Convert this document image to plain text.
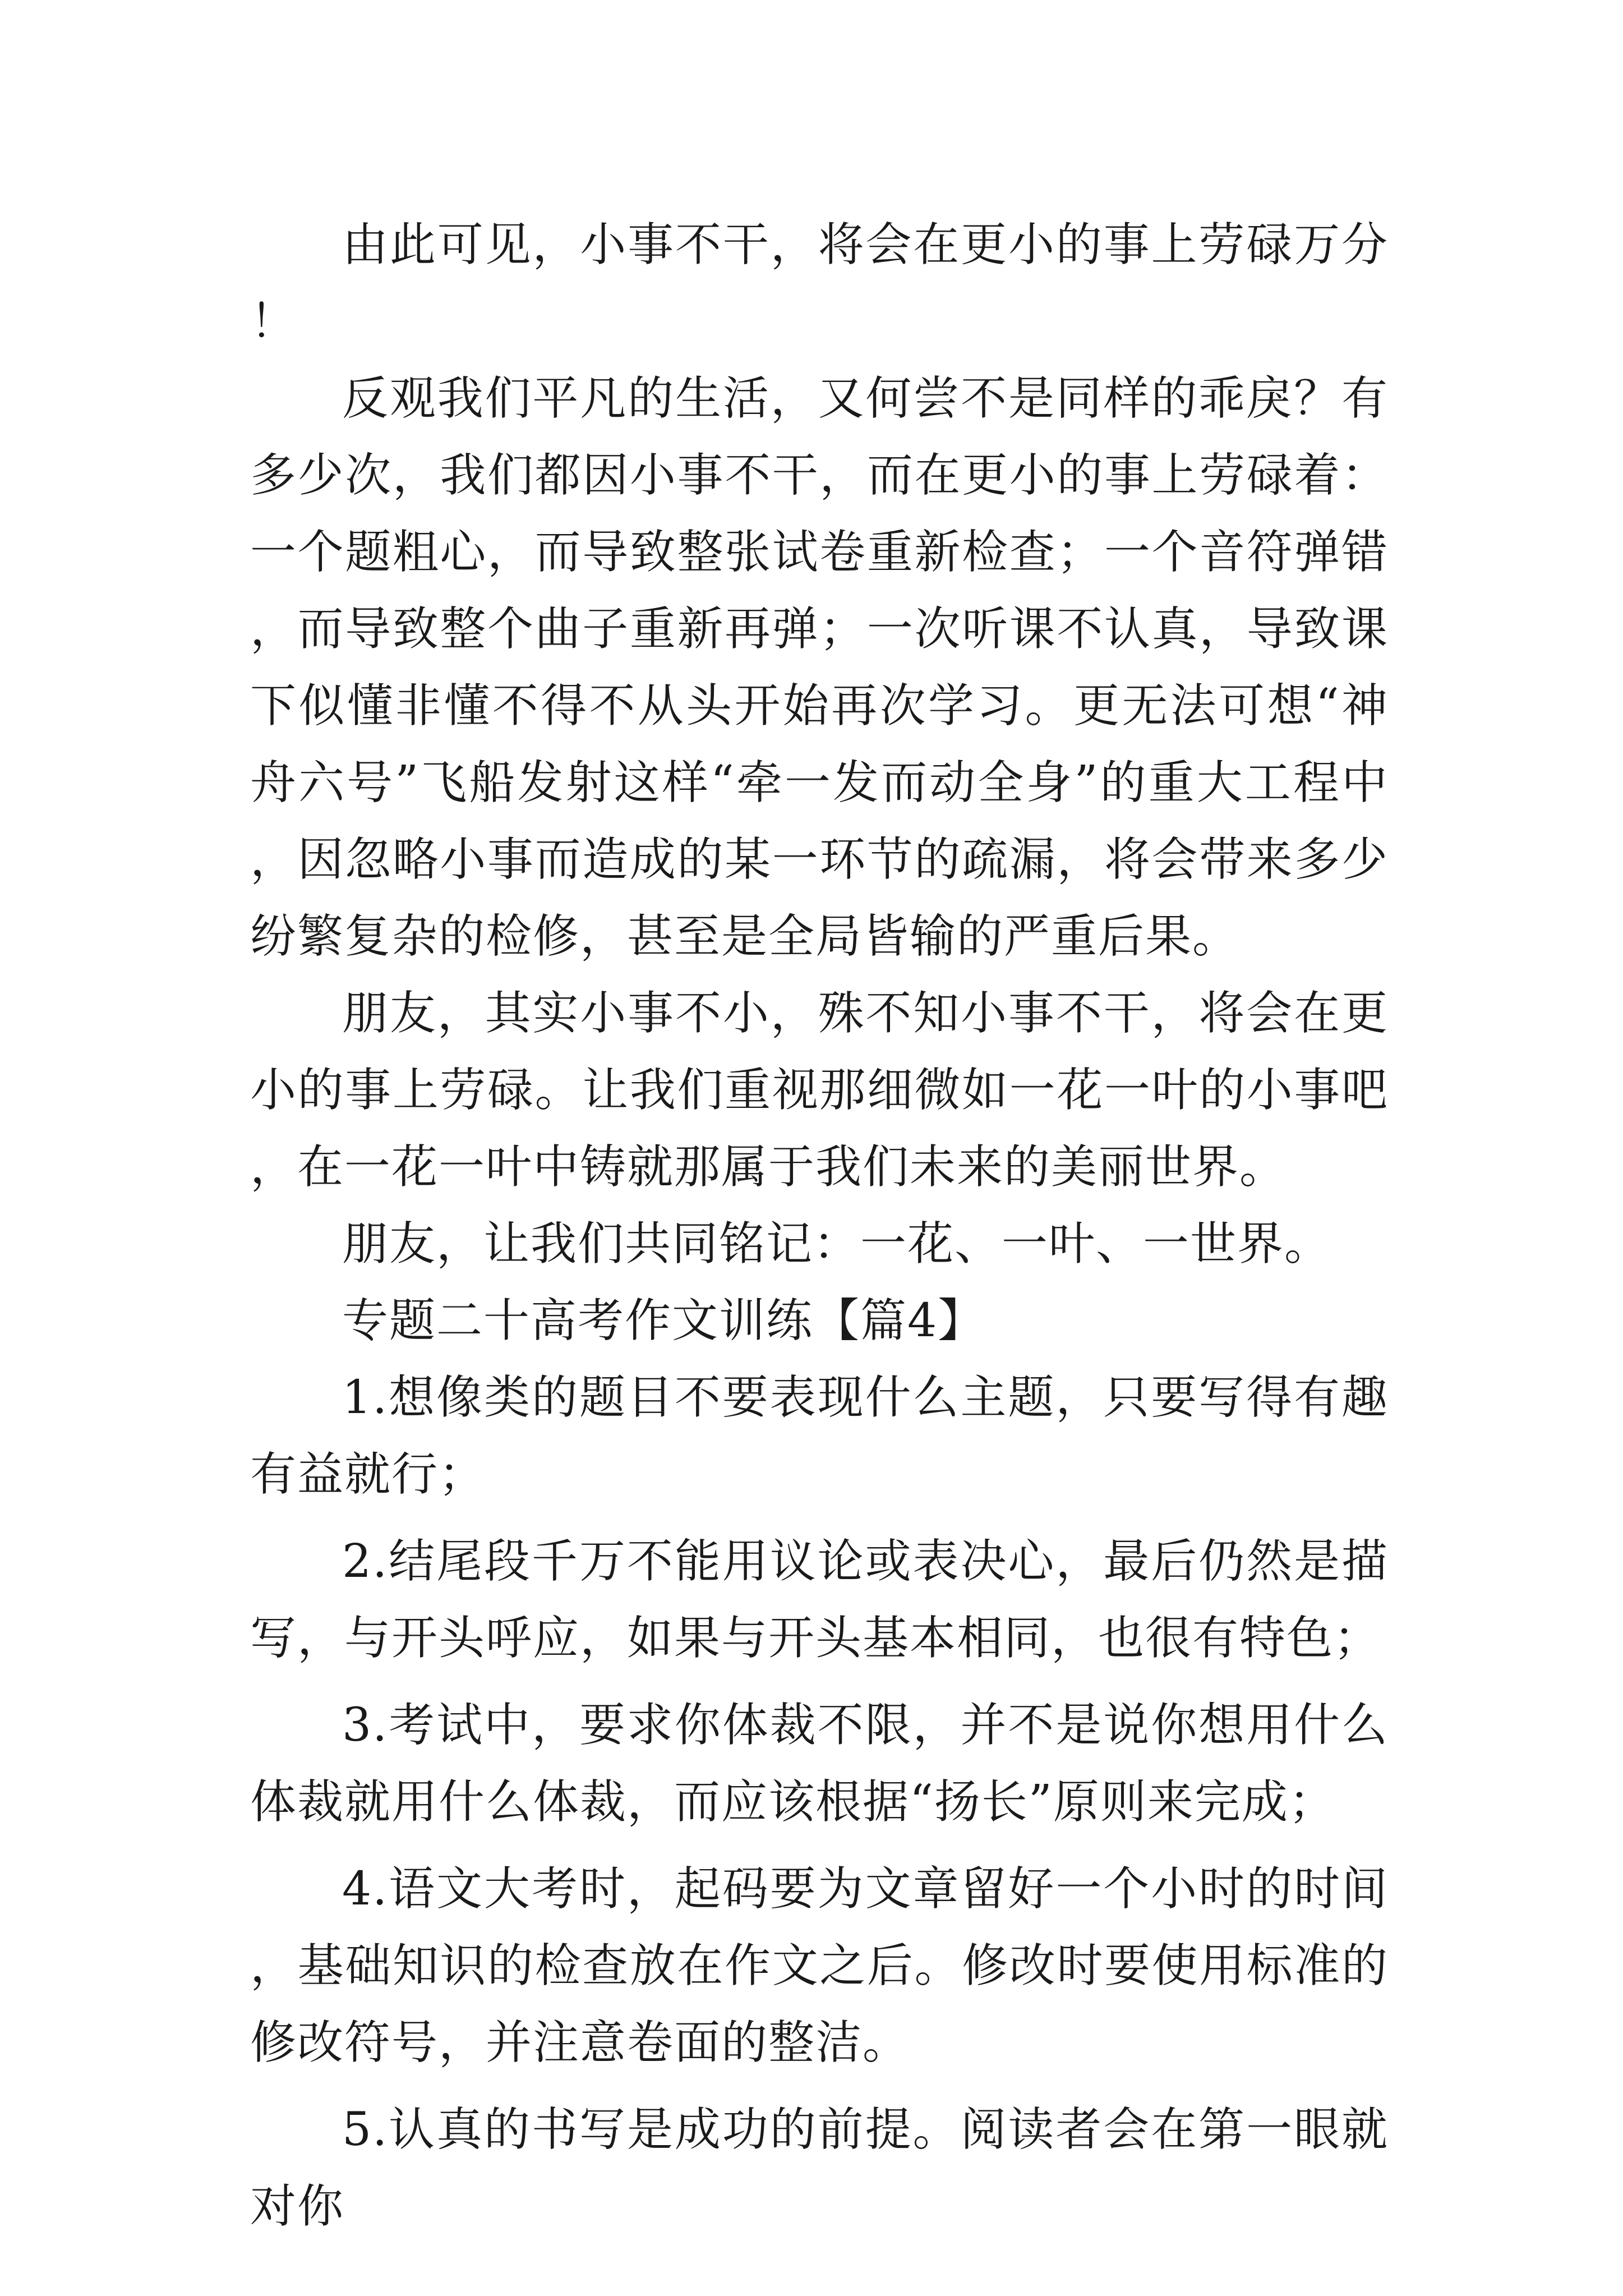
由此可见，小事不干，将会在更小的事上劳碌万分！

反观我们平凡的生活，又何尝不是同样的乖戾？有多少次，我们都因小事不干，而在更小的事上劳碌着：一个题粗心，而导致整张试卷重新检查；一个音符弹错，而导致整个曲子重新再弹；一次听课不认真，导致课下似懂非懂不得不从头开始再次学习。更无法可想“神舟六号”飞船发射这样“牵一发而动全身”的重大工程中，因忽略小事而造成的某一环节的疏漏，将会带来多少纷繁复杂的检修，甚至是全局皆输的严重后果。

朋友，其实小事不小，殊不知小事不干，将会在更小的事上劳碌。让我们重视那细微如一花一叶的小事吧，在一花一叶中铸就那属于我们未来的美丽世界。

朋友，让我们共同铭记：一花、一叶、一世界。

专题二十高考作文训练【篇4】

1.想像类的题目不要表现什么主题，只要写得有趣有益就行；

2.结尾段千万不能用议论或表决心，最后仍然是描写，与开头呼应，如果与开头基本相同，也很有特色；

3.考试中，要求你体裁不限，并不是说你想用什么体裁就用什么体裁，而应该根据“扬长”原则来完成；

4.语文大考时，起码要为文章留好一个小时的时间，基础知识的检查放在作文之后。修改时要使用标准的修改符号，并注意卷面的整洁。

5.认真的书写是成功的前提。阅读者会在第一眼就对你
